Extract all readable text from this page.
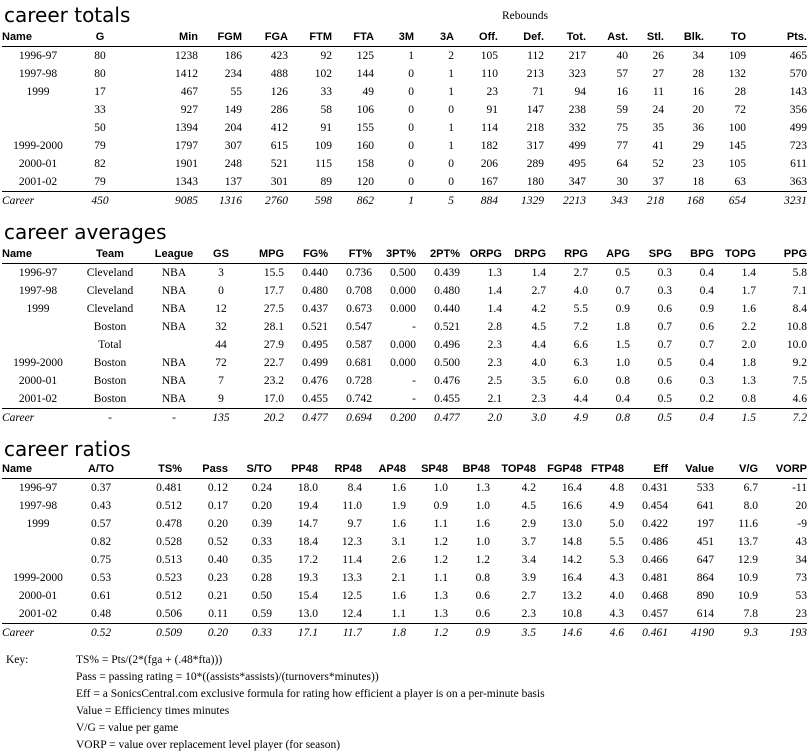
career totals	Rebounds
Name	G	Min	FGM	FGA	FTM	FTA	3M	3A	Off.	Def.	Tot.	Ast.	Stl.	Blk.	TO	Pts.
1996-97	80	1238	186	423	92	125	1	2	105	112	217	40	26	34	109	465
1997-98	80	1412	234	488	102	144	0	1	110	213	323	57	27	28	132	570
1999	17	467	55	126	33	49	0	1	23	71	94	16	11	16	28	143
	33	927	149	286	58	106	0	0	91	147	238	59	24	20	72	356
	50	1394	204	412	91	155	0	1	114	218	332	75	35	36	100	499
1999-2000	79	1797	307	615	109	160	0	1	182	317	499	77	41	29	145	723
2000-01	82	1901	248	521	115	158	0	0	206	289	495	64	52	23	105	611
2001-02	79	1343	137	301	89	120	0	0	167	180	347	30	37	18	63	363
Career	450	9085	1316	2760	598	862	1	5	884	1329	2213	343	218	168	654	3231
career averages
Name	Team	League	GS	MPG	FG%	FT%	3PT%	2PT%	ORPG	DRPG	RPG	APG	SPG	BPG	TOPG	PPG
1996-97	Cleveland	NBA	3	15.5	0.440	0.736	0.500	0.439	1.3	1.4	2.7	0.5	0.3	0.4	1.4	5.8
1997-98	Cleveland	NBA	0	17.7	0.480	0.708	0.000	0.480	1.4	2.7	4.0	0.7	0.3	0.4	1.7	7.1
1999	Cleveland	NBA	12	27.5	0.437	0.673	0.000	0.440	1.4	4.2	5.5	0.9	0.6	0.9	1.6	8.4
	Boston	NBA	32	28.1	0.521	0.547	-	0.521	2.8	4.5	7.2	1.8	0.7	0.6	2.2	10.8
	Total		44	27.9	0.495	0.587	0.000	0.496	2.3	4.4	6.6	1.5	0.7	0.7	2.0	10.0
1999-2000	Boston	NBA	72	22.7	0.499	0.681	0.000	0.500	2.3	4.0	6.3	1.0	0.5	0.4	1.8	9.2
2000-01	Boston	NBA	7	23.2	0.476	0.728	-	0.476	2.5	3.5	6.0	0.8	0.6	0.3	1.3	7.5
2001-02	Boston	NBA	9	17.0	0.455	0.742	-	0.455	2.1	2.3	4.4	0.4	0.5	0.2	0.8	4.6
Career	-	-	135	20.2	0.477	0.694	0.200	0.477	2.0	3.0	4.9	0.8	0.5	0.4	1.5	7.2
career ratios
Name	A/TO	TS%	Pass	S/TO	PP48	RP48	AP48	SP48	BP48	TOP48	FGP48	FTP48	Eff	Value	V/G	VORP
1996-97	0.37	0.481	0.12	0.24	18.0	8.4	1.6	1.0	1.3	4.2	16.4	4.8	0.431	533	6.7	-11
1997-98	0.43	0.512	0.17	0.20	19.4	11.0	1.9	0.9	1.0	4.5	16.6	4.9	0.454	641	8.0	20
1999	0.57	0.478	0.20	0.39	14.7	9.7	1.6	1.1	1.6	2.9	13.0	5.0	0.422	197	11.6	-9
	0.82	0.528	0.52	0.33	18.4	12.3	3.1	1.2	1.0	3.7	14.8	5.5	0.486	451	13.7	43
	0.75	0.513	0.40	0.35	17.2	11.4	2.6	1.2	1.2	3.4	14.2	5.3	0.466	647	12.9	34
1999-2000	0.53	0.523	0.23	0.28	19.3	13.3	2.1	1.1	0.8	3.9	16.4	4.3	0.481	864	10.9	73
2000-01	0.61	0.512	0.21	0.50	15.4	12.5	1.6	1.3	0.6	2.7	13.2	4.0	0.468	890	10.9	53
2001-02	0.48	0.506	0.11	0.59	13.0	12.4	1.1	1.3	0.6	2.3	10.8	4.3	0.457	614	7.8	23
Career	0.52	0.509	0.20	0.33	17.1	11.7	1.8	1.2	0.9	3.5	14.6	4.6	0.461	4190	9.3	193
Key:	TS% = Pts/(2*(fga + (.48*fta)))
Pass = passing rating = 10*((assists*assists)/(turnovers*minutes))
Eff = a SonicsCentral.com exclusive formula for rating how efficient a player is on a per-minute basis
Value = Efficiency times minutes
V/G = value per game
VORP = value over replacement level player (for season)
